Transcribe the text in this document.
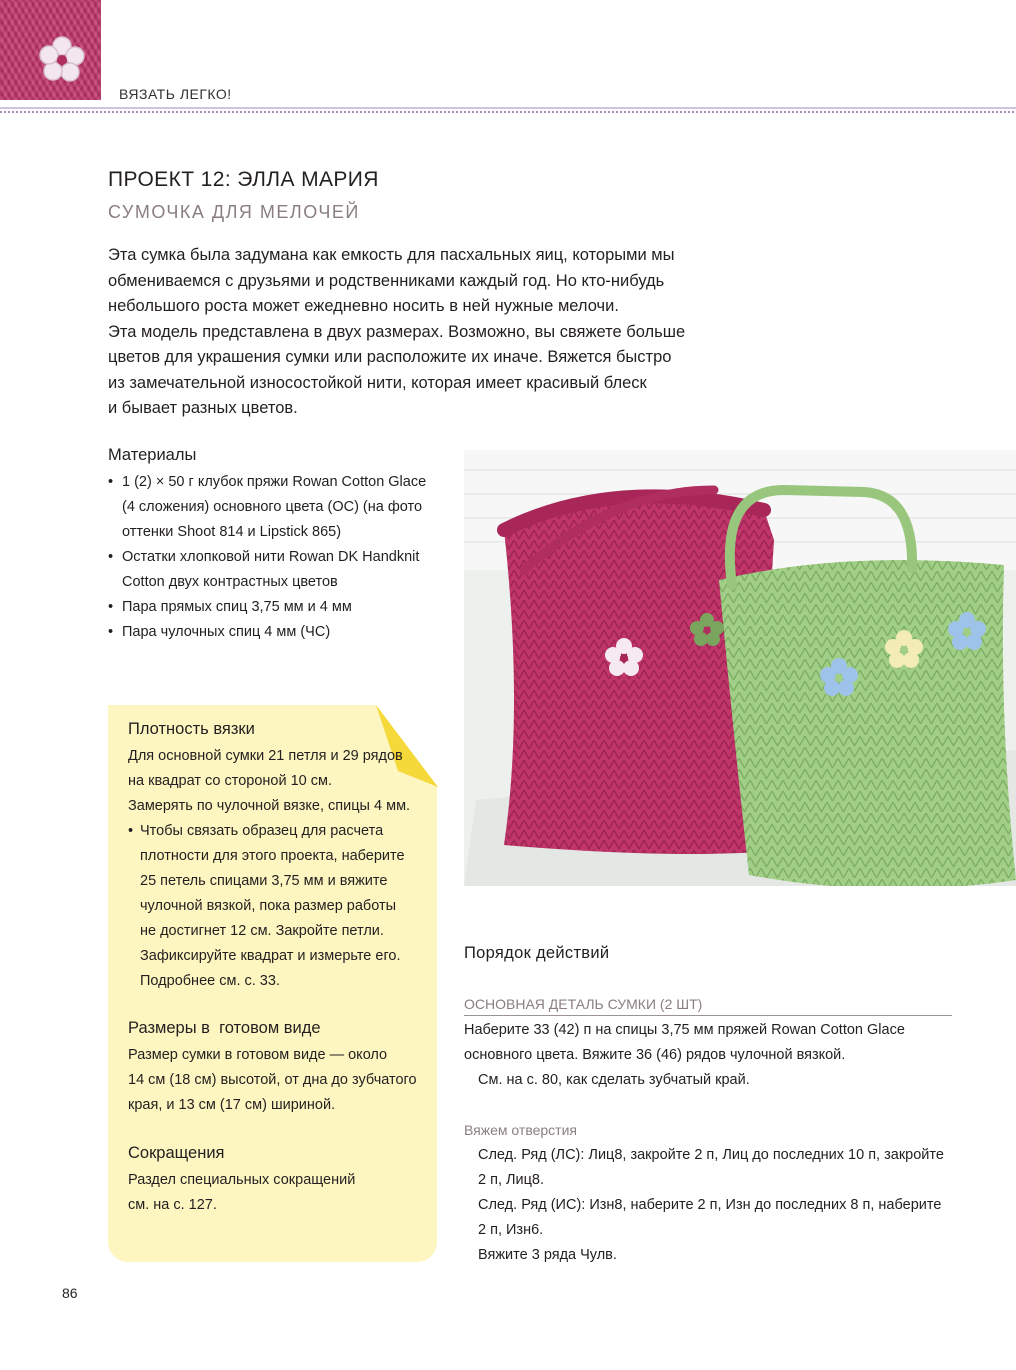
ВЯЗАТЬ ЛЕГКО!
ПРОЕКТ 12: ЭЛЛА МАРИЯ
СУМОЧКА ДЛЯ МЕЛОЧЕЙ

Эта сумка была задумана как емкость для пасхальных яиц, которыми мы

обмениваемся с друзьями и родственниками каждый год. Но кто-нибудь

небольшого роста может ежедневно носить в ней нужные мелочи.

Эта модель представлена в двух размерах. Возможно, вы свяжете больше

цветов для украшения сумки или расположите их иначе. Вяжется быстро

из замечательной износостойкой нити, которая имеет красивый блеск

и бывает разных цветов.

Материалы
• 1 (2) × 50 г клубок пряжи Rowan Cotton Glace
(4 сложения) основного цвета (ОС) (на фото
оттенки Shoot 814 и Lipstick 865)
• Остатки хлопковой нити Rowan DK Handknit
Cotton двух контрастных цветов
• Пара прямых спиц 3,75 мм и 4 мм
• Пара чулочных спиц 4 мм (ЧС)
Плотность вязки
Для основной сумки 21 петля и 29 рядов
на квадрат со стороной 10 см.
Замерять по чулочной вязке, спицы 4 мм.
• Чтобы связать образец для расчета
плотности для этого проекта, наберите
25 петель спицами 3,75 мм и вяжите
чулочной вязкой, пока размер работы
не достигнет 12 см. Закройте петли.
Зафиксируйте квадрат и измерьте его.
Подробнее см. с. 33.
Размеры в  готовом виде
Размер сумки в готовом виде — около
14 см (18 см) высотой, от дна до зубчатого
края, и 13 см (17 см) шириной.
Сокращения
Раздел специальных сокращений
см. на с. 127.
Порядок действий
ОСНОВНАЯ ДЕТАЛЬ СУМКИ (2 ШТ)
Наберите 33 (42) п на спицы 3,75 мм пряжей Rowan Cotton Glace
основного цвета. Вяжите 36 (46) рядов чулочной вязкой.
См. на с. 80, как сделать зубчатый край.
Вяжем отверстия
След. Ряд (ЛС): Лиц8, закройте 2 п, Лиц до последних 10 п, закройте
2 п, Лиц8.
След. Ряд (ИС): Изн8, наберите 2 п, Изн до последних 8 п, наберите
2 п, Изн6.
Вяжите 3 ряда Чулв.
86
